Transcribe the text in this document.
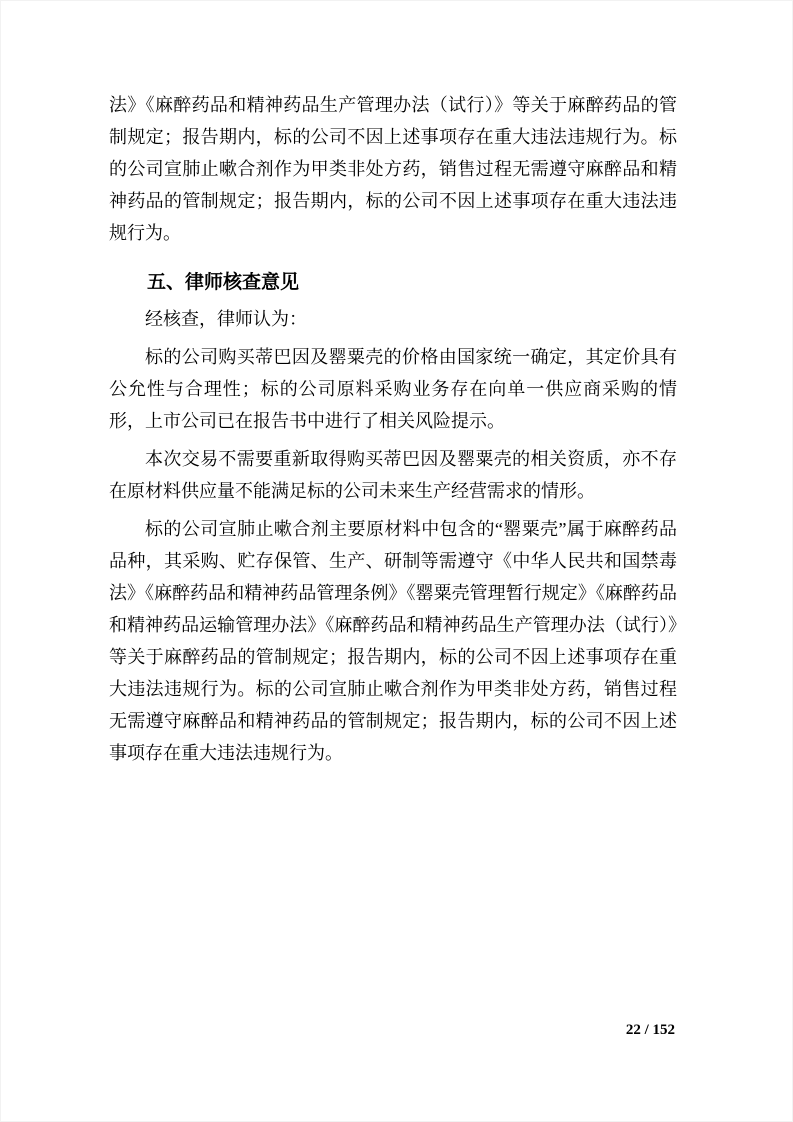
法》《麻醉药品和精神药品生产管理办法（试行）》等关于麻醉药品的管制规定；报告期内，标的公司不因上述事项存在重大违法违规行为。标的公司宣肺止嗽合剂作为甲类非处方药，销售过程无需遵守麻醉品和精神药品的管制规定；报告期内，标的公司不因上述事项存在重大违法违规行为。

五、律师核查意见

经核查，律师认为：

标的公司购买蒂巴因及罂粟壳的价格由国家统一确定，其定价具有公允性与合理性；标的公司原料采购业务存在向单一供应商采购的情形，上市公司已在报告书中进行了相关风险提示。

本次交易不需要重新取得购买蒂巴因及罂粟壳的相关资质，亦不存在原材料供应量不能满足标的公司未来生产经营需求的情形。

标的公司宣肺止嗽合剂主要原材料中包含的“罂粟壳”属于麻醉药品品种，其采购、贮存保管、生产、研制等需遵守《中华人民共和国禁毒法》《麻醉药品和精神药品管理条例》《罂粟壳管理暂行规定》《麻醉药品和精神药品运输管理办法》《麻醉药品和精神药品生产管理办法（试行）》等关于麻醉药品的管制规定；报告期内，标的公司不因上述事项存在重大违法违规行为。标的公司宣肺止嗽合剂作为甲类非处方药，销售过程无需遵守麻醉品和精神药品的管制规定；报告期内，标的公司不因上述事项存在重大违法违规行为。

22 / 152
